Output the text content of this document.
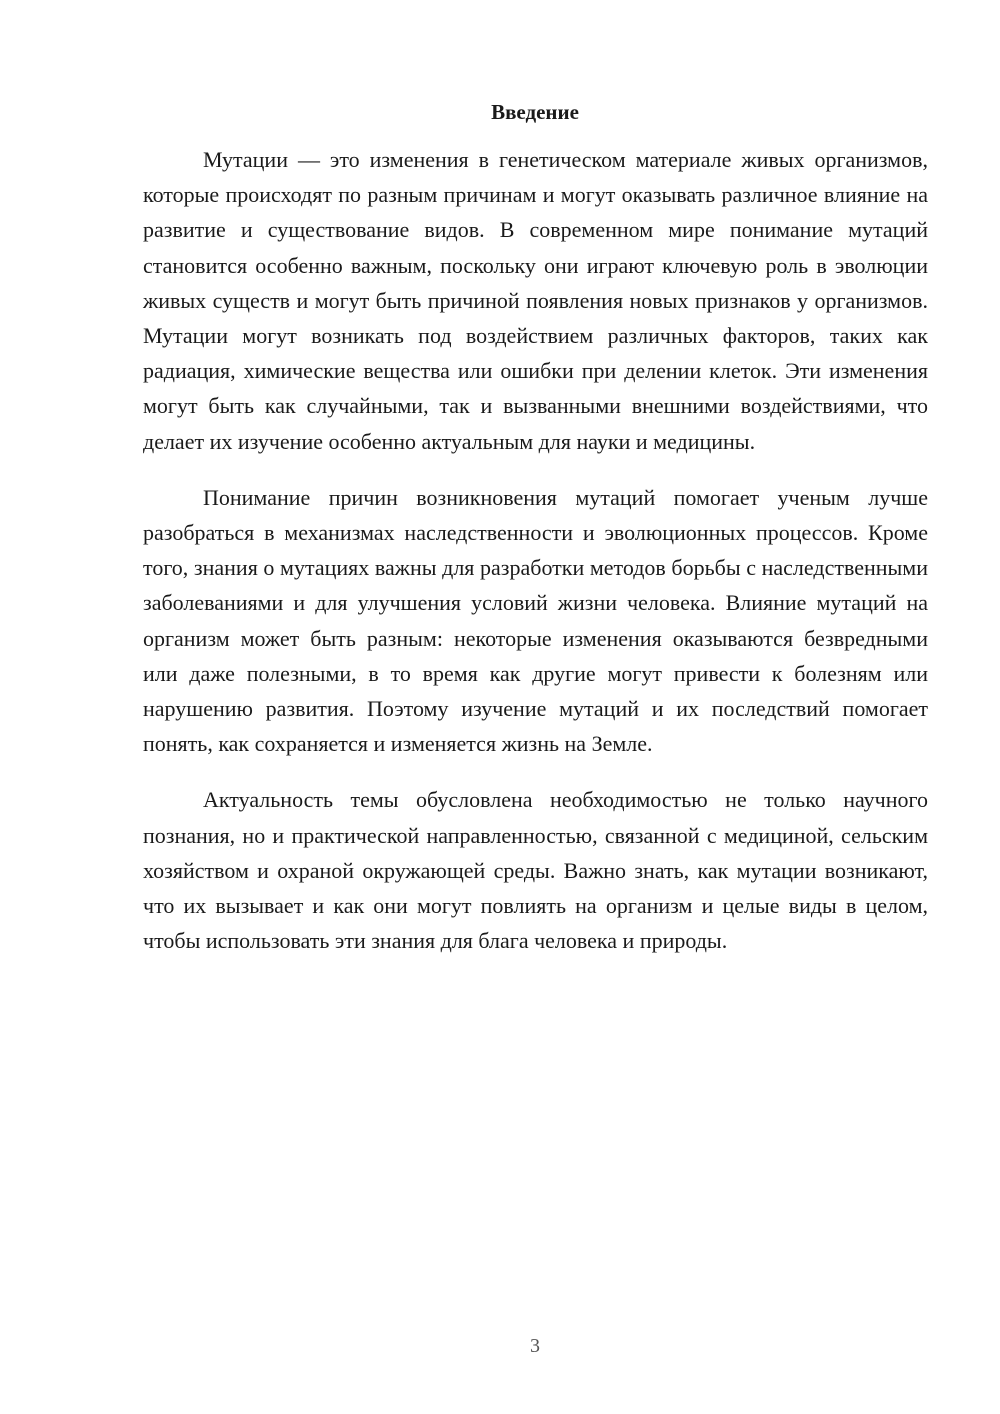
Введение

Мутации — это изменения в генетическом материале живых организмов, которые происходят по разным причинам и могут оказывать различное влияние на развитие и существование видов. В современном мире понимание мутаций становится особенно важным, поскольку они играют ключевую роль в эволюции живых существ и могут быть причиной появления новых признаков у организмов. Мутации могут возникать под воздействием различных факторов, таких как радиация, химические вещества или ошибки при делении клеток. Эти изменения могут быть как случайными, так и вызванными внешними воздействиями, что делает их изучение особенно актуальным для науки и медицины.

Понимание причин возникновения мутаций помогает ученым лучше разобраться в механизмах наследственности и эволюционных процессов. Кроме того, знания о мутациях важны для разработки методов борьбы с наследственными заболеваниями и для улучшения условий жизни человека. Влияние мутаций на организм может быть разным: некоторые изменения оказываются безвредными или даже полезными, в то время как другие могут привести к болезням или нарушению развития. Поэтому изучение мутаций и их последствий помогает понять, как сохраняется и изменяется жизнь на Земле.

Актуальность темы обусловлена необходимостью не только научного познания, но и практической направленностью, связанной с медициной, сельским хозяйством и охраной окружающей среды. Важно знать, как мутации возникают, что их вызывает и как они могут повлиять на организм и целые виды в целом, чтобы использовать эти знания для блага человека и природы.

3
